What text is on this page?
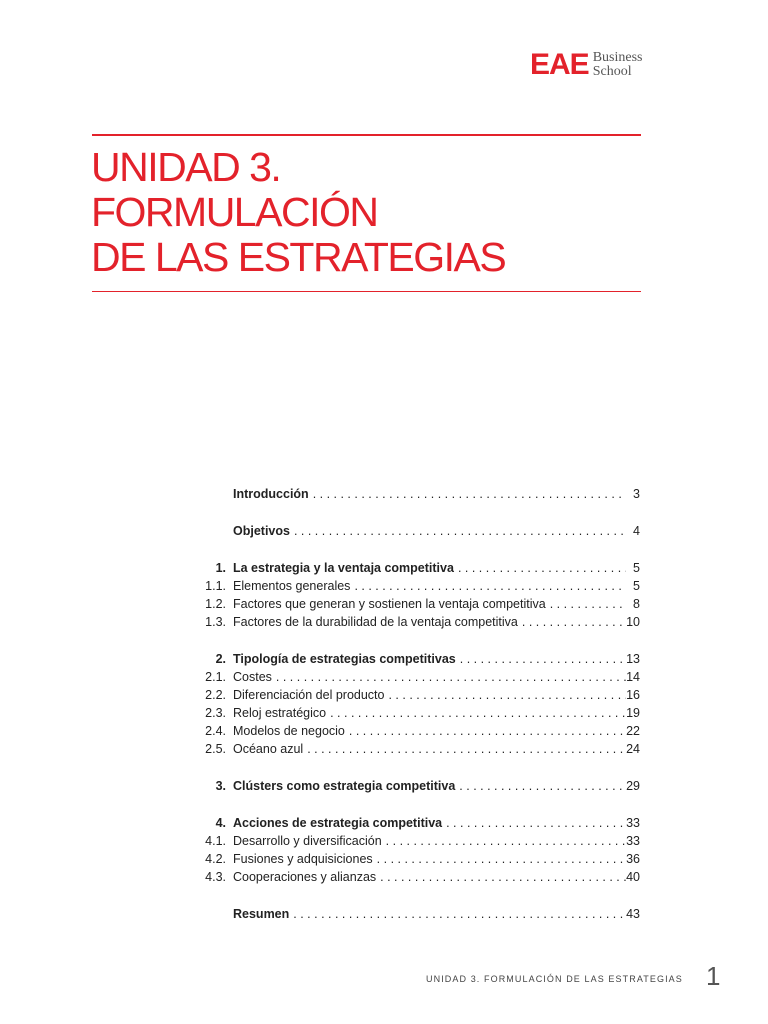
EAE Business
School
UNIDAD 3.
FORMULACIÓN
DE LAS ESTRATEGIAS
Introducción . . .	3
Objetivos . . .	4
1. La estrategia y la ventaja competitiva . . .	5
1.1. Elementos generales . . .	5
1.2. Factores que generan y sostienen la ventaja competitiva . . .	8
1.3. Factores de la durabilidad de la ventaja competitiva . . .	10
2. Tipología de estrategias competitivas . . .	13
2.1. Costes . . .	14
2.2. Diferenciación del producto . . .	16
2.3. Reloj estratégico . . .	19
2.4. Modelos de negocio . . .	22
2.5. Océano azul . . .	24
3. Clústers como estrategia competitiva . . .	29
4. Acciones de estrategia competitiva . . .	33
4.1. Desarrollo y diversificación . . .	33
4.2. Fusiones y adquisiciones . . .	36
4.3. Cooperaciones y alianzas . . .	40
Resumen . . .	43
UNIDAD 3. FORMULACIÓN DE LAS ESTRATEGIAS 1
